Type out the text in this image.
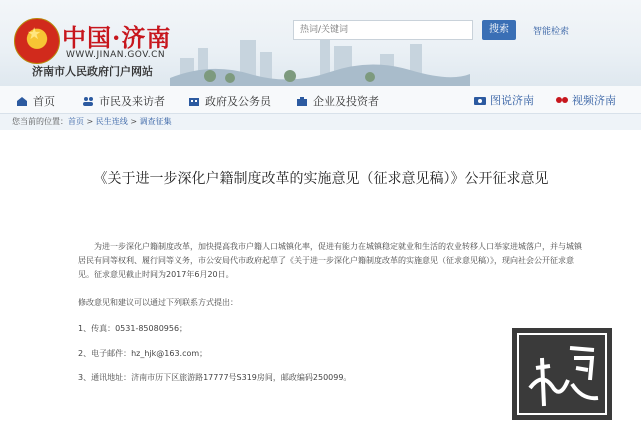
★ 中国·济南
WWW.JINAN.GOV.CN
济南市人民政府门户网站
热词/关键词
搜索	智能检索
首页	市民及来访者	政府及公务员	企业及投资者	图说济南	视频济南
您当前的位置：首页 > 民生连线 > 调查征集
《关于进一步深化户籍制度改革的实施意见（征求意见稿）》公开征求意见
为进一步深化户籍制度改革，加快提高我市户籍人口城镇化率，促进有能力在城镇稳定就业和生活的农业转移人口举家进城落户，并与城镇居民有同等权利、履行同等义务，市公安局代市政府起草了《关于进一步深化户籍制度改革的实施意见（征求意见稿）》，现向社会公开征求意见。征求意见截止时间为2017年6月20日。
修改意见和建议可以通过下列联系方式提出：
1、传真：0531-85080956；
2、电子邮件：hz_hjk@163.com；
3、通讯地址：济南市历下区旅游路17777号S319房间，邮政编码250099。
